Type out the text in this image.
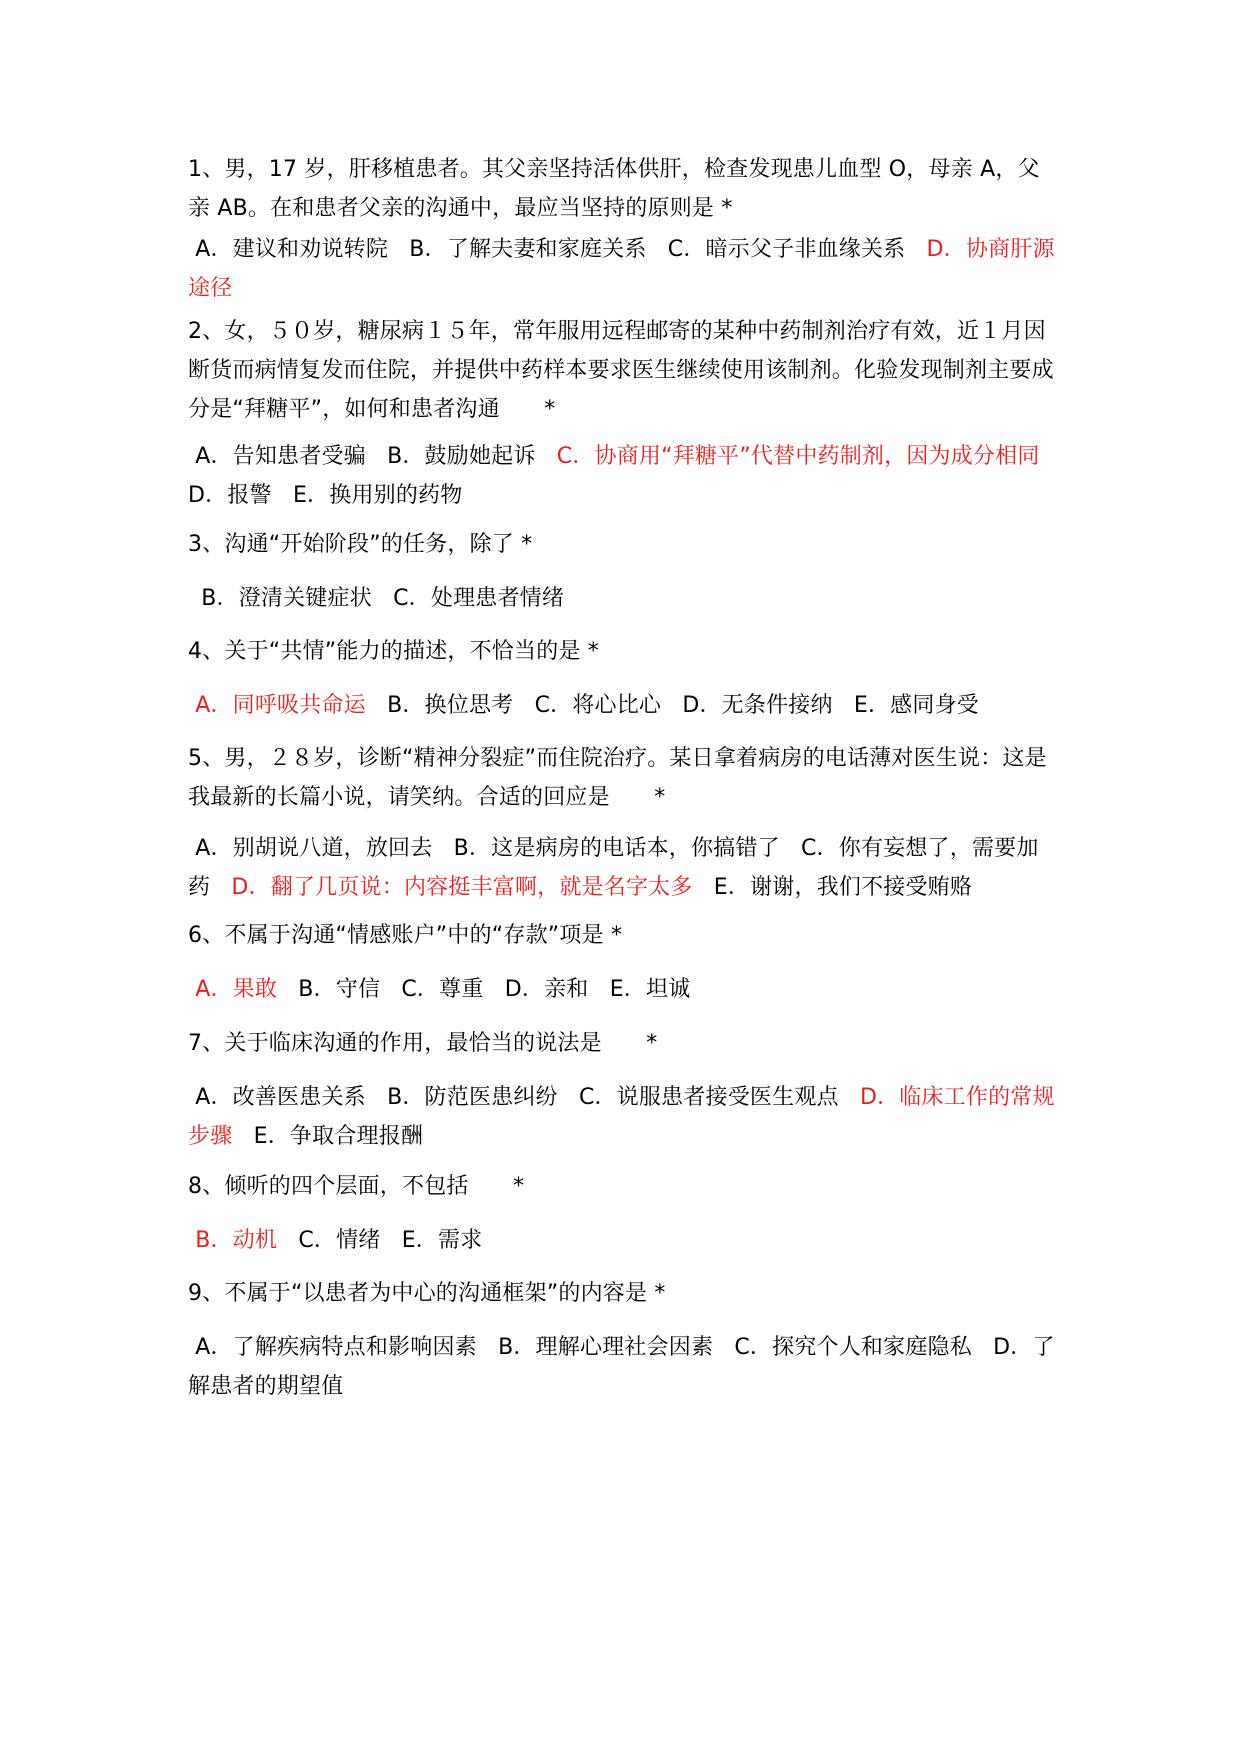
1、男，17 岁，肝移植患者。其父亲坚持活体供肝，检查发现患儿血型 O，母亲 A，父亲 AB。在和患者父亲的沟通中，最应当坚持的原则是 *
A．建议和劝说转院 B．了解夫妻和家庭关系 C．暗示父子非血缘关系 D．协商肝源途径
2、女，５０岁，糖尿病１５年，常年服用远程邮寄的某种中药制剂治疗有效，近１月因断货而病情复发而住院，并提供中药样本要求医生继续使用该制剂。化验发现制剂主要成分是“拜糖平”，如何和患者沟通　　*
A．告知患者受骗 B．鼓励她起诉 C．协商用“拜糖平”代替中药制剂，因为成分相同 D．报警 E．换用别的药物
3、沟通“开始阶段”的任务，除了 *
B．澄清关键症状 C．处理患者情绪
4、关于“共情”能力的描述，不恰当的是 *
A．同呼吸共命运 B．换位思考 C．将心比心 D．无条件接纳 E．感同身受
5、男，２８岁，诊断“精神分裂症”而住院治疗。某日拿着病房的电话薄对医生说：这是我最新的长篇小说，请笑纳。合适的回应是　　*
A．别胡说八道，放回去 B．这是病房的电话本，你搞错了 C．你有妄想了，需要加药 D．翻了几页说：内容挺丰富啊，就是名字太多 E．谢谢，我们不接受贿赂
6、不属于沟通“情感账户”中的“存款”项是 *
A．果敢 B．守信 C．尊重 D．亲和 E．坦诚
7、关于临床沟通的作用，最恰当的说法是　　*
A．改善医患关系 B．防范医患纠纷 C．说服患者接受医生观点 D．临床工作的常规步骤 E．争取合理报酬
8、倾听的四个层面，不包括　　*
B．动机 C．情绪 E．需求
9、不属于“以患者为中心的沟通框架”的内容是 *
A．了解疾病特点和影响因素 B．理解心理社会因素 C．探究个人和家庭隐私 D．了解患者的期望值
